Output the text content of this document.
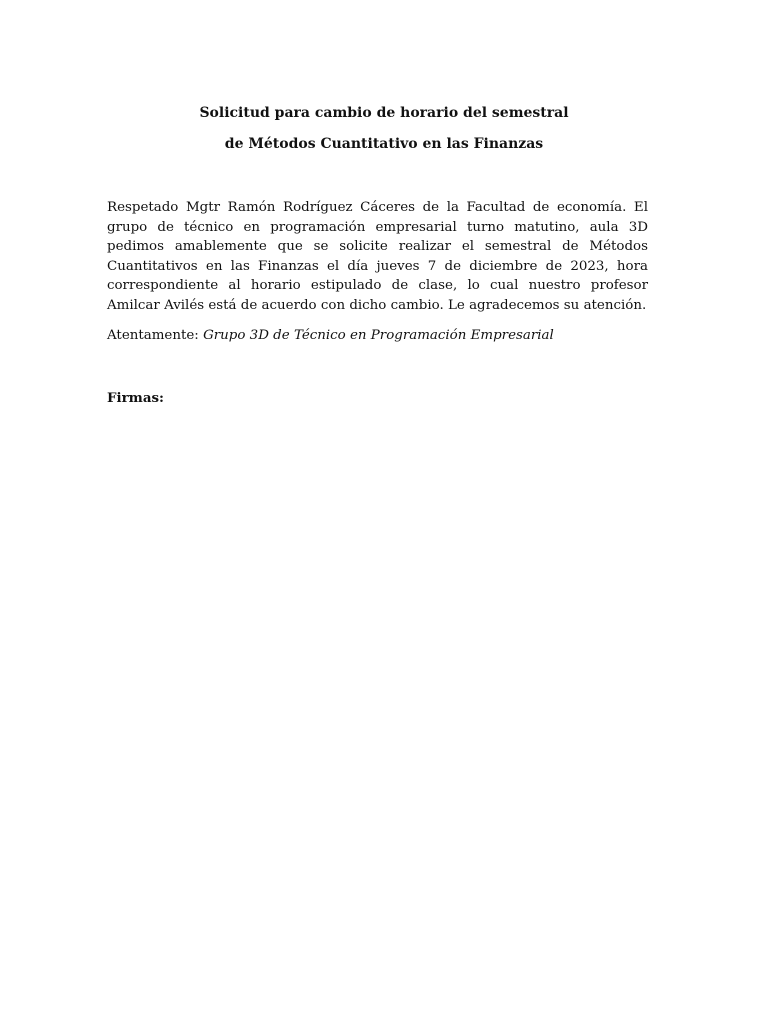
Solicitud para cambio de horario del semestral

de Métodos Cuantitativo en las Finanzas

Respetado Mgtr Ramón Rodríguez Cáceres de la Facultad de economía. El grupo de técnico en programación empresarial turno matutino, aula 3D pedimos amablemente que se solicite realizar el semestral de Métodos Cuantitativos en las Finanzas el día jueves 7 de diciembre de 2023, hora correspondiente al horario estipulado de clase, lo cual nuestro profesor Amilcar Avilés está de acuerdo con dicho cambio. Le agradecemos su atención.

Atentamente: Grupo 3D de Técnico en Programación Empresarial

Firmas:
